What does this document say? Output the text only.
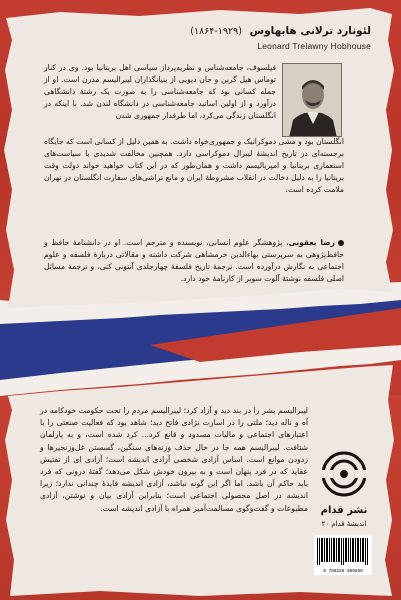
لئونارد ترلانی هابهاوس (۱۹۲۹-۱۸۶۴)
Leonard Trelawny Hobhouse
فیلسوف، جامعه‌شناس و نظریه‌پرداز سیاسی اهل بریتانیا بود. وی در کنار توماس هیل گرین و جان دیویی از بنیانگذاران لیبرالیسم مدرن است. او از جمله کسانی بود که جامعه‌شناسی را به صورت یک رشتهٔ دانشگاهی درآورد و از اولین اساتید جامعه‌شناسی در دانشگاه لندن شد. با اینکه در انگلستان زندگی می‌کرد، اما طرفدار جمهوری شدن
انگلستان بود و مشی دموکراتیک و جمهوری‌خواه داشت. به همین دلیل از کسانی است که جایگاه برجسته‌ای در تاریخ اندیشهٔ لیبرال دموکراسی دارد. همچنین مخالفت شدیدی با سیاست‌های استعماری بریتانیا و امپریالیسم داشت و همان‌طور که در این کتاب خواهید خواند دولت وقت بریتانیا را به دلیل دخالت در انقلاب مشروطهٔ ایران و مانع تراشی‌های سفارت انگلستان در تهران ملامت کرده است.
رضا یعقوبی، پژوهشگر علوم انسانی، نویسنده و مترجم است. او در دانشنامهٔ حافظ و حافظ‌پژوهی به سرپرستی بهاءالدین خرمشاهی شرکت داشته و مقالاتی دربارهٔ فلسفه و علوم اجتماعی به نگارش درآورده است. ترجمهٔ تاریخ فلسفهٔ چهارجلدی آنتونی کنی، و ترجمهٔ مسائل اصلی فلسفه نوشتهٔ آلوت سوبر از کارنامهٔ خود دارد.
لیبرالیسم بشر را در بند دید و آزاد کرد؛ لیبرالیسم مردم را تحت حکومت خودکامه در آه و ناله دید؛ ملتی را در اسارت نژادی فاتح دید؛ شاهد بود که فعالیت صنعتی را با اعتبارهای اجتماعی و مالیات مسدود و قانع کرد... کرد شده است، و به پارلمان شتافت. لیبرالیسم همه جا در حال حذف وزنه‌های سنگین، گسستن غل‌وزنجیرها و زدودن موانع است. اساس آزادی شخصی آزادی اندیشه است؛ آزادی ای از تفتیش عقاید که در فرد پنهان است و به بیرون خودش شکل می‌دهد؛ گفتهٔ درونی که فرد باید حاکم آن باشد. اما اگر این گونه نباشد، آزادی اندیشه فایدهٔ چندانی ندارد؛ زیرا اندیشه در اصل محصولی اجتماعی است؛ بنابراین آزادی بیان و نوشتن، آزادی مطبوعات و گفت‌وگوی مسالمت‌آمیز همراه با آزادی اندیشه است.	نشر قدام
اندیشهٔ قدام ۲۰
9 786226 966850
